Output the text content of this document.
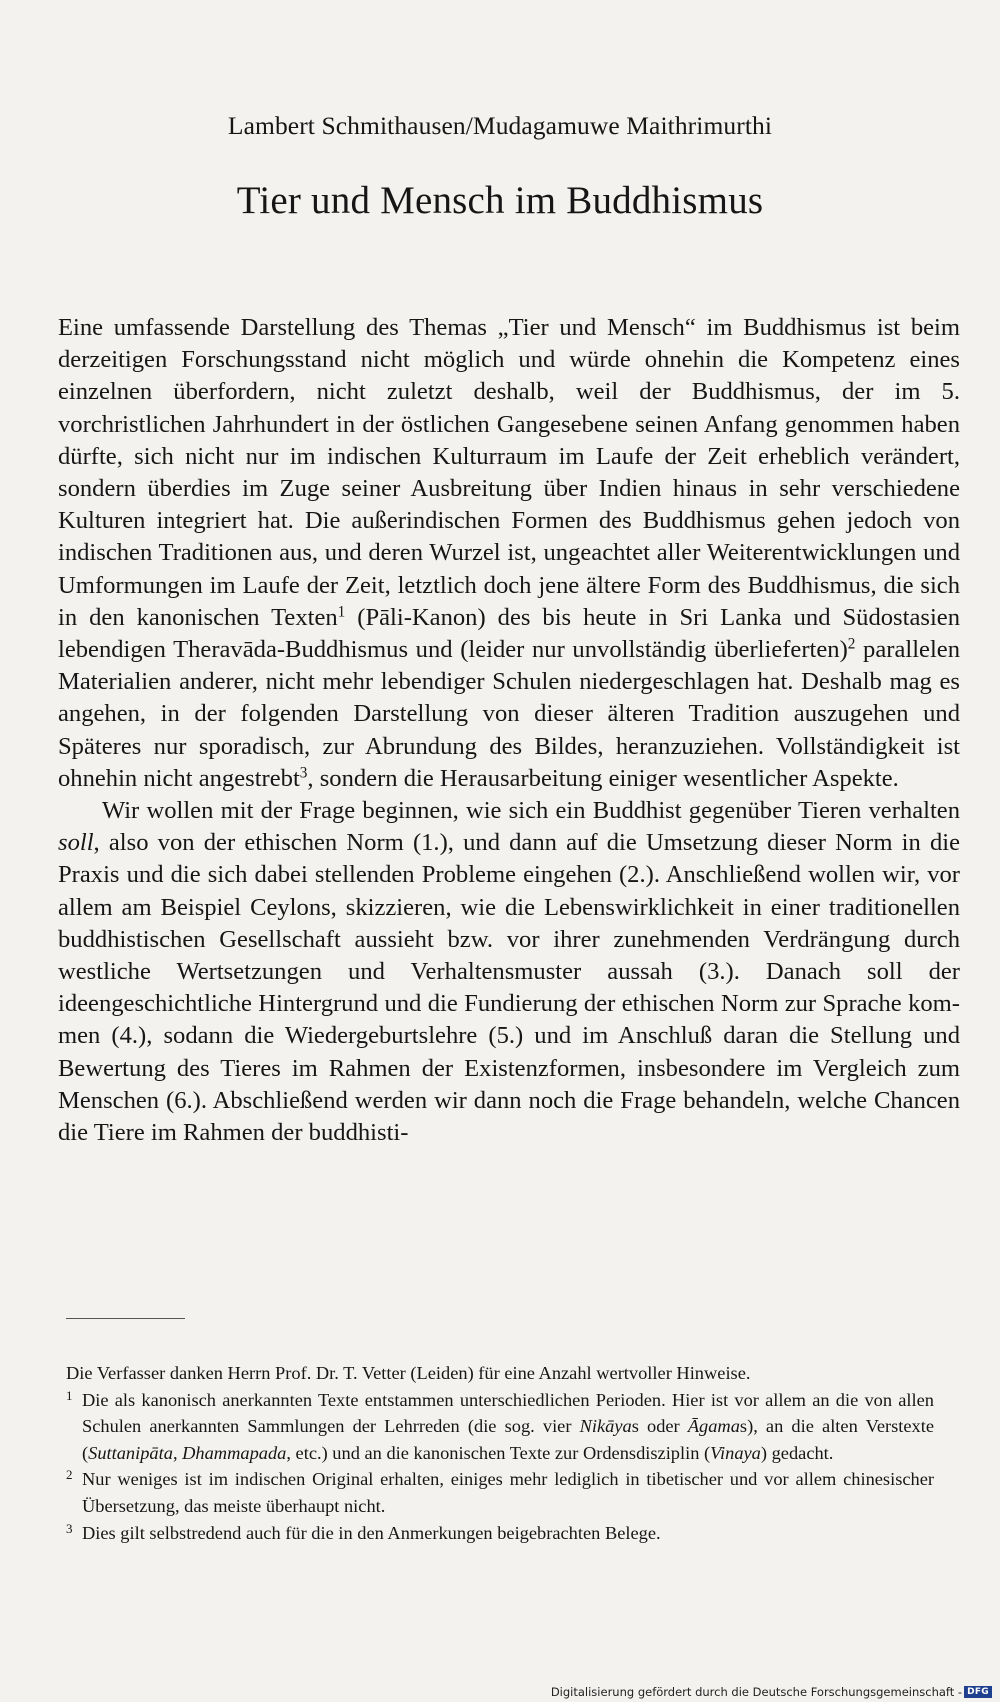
Lambert Schmithausen/Mudagamuwe Maithrimurthi
Tier und Mensch im Buddhismus

Eine umfassende Darstellung des Themas „Tier und Mensch“ im Buddhismus ist beim derzeitigen Forschungsstand nicht möglich und würde ohnehin die Kompetenz eines einzelnen überfordern, nicht zuletzt deshalb, weil der Buddhismus, der im 5. vorchristlichen Jahrhundert in der östlichen Gangesebene seinen Anfang genommen haben dürfte, sich nicht nur im indischen Kulturraum im Laufe der Zeit erheblich verändert, sondern überdies im Zuge seiner Ausbreitung über Indien hinaus in sehr verschiedene Kulturen integriert hat. Die außerindischen Formen des Buddhismus gehen jedoch von indischen Traditionen aus, und deren Wurzel ist, ungeachtet aller Weiterentwicklungen und Umformungen im Laufe der Zeit, letztlich doch jene ältere Form des Buddhismus, die sich in den kanonischen Texten$^1$ (Pāli-Kanon) des bis heute in Sri Lanka und Südostasien lebendigen Theravāda-Buddhismus und (leider nur unvollständig überlieferten)$^2$ parallelen Materialien anderer, nicht mehr lebendiger Schulen niedergeschlagen hat. Deshalb mag es angehen, in der folgenden Darstellung von dieser älteren Tradition auszugehen und Späteres nur sporadisch, zur Abrundung des Bildes, heranzuziehen. Vollständigkeit ist ohnehin nicht angestrebt$^3$, sondern die Herausarbeitung einiger wesentlicher Aspekte.

Wir wollen mit der Frage beginnen, wie sich ein Buddhist gegenüber Tieren verhalten soll, also von der ethischen Norm (1.), und dann auf die Umsetzung dieser Norm in die Praxis und die sich dabei stellenden Probleme eingehen (2.). Anschließend wollen wir, vor allem am Beispiel Ceylons, skizzieren, wie die Lebenswirklichkeit in einer traditionellen buddhistischen Gesellschaft aussieht bzw. vor ihrer zunehmenden Verdrängung durch westliche Wertsetzungen und Verhaltensmuster aussah (3.). Danach soll der ideengeschichtliche Hintergrund und die Fundierung der ethischen Norm zur Sprache kommen (4.), sodann die Wiedergeburtslehre (5.) und im Anschluß daran die Stellung und Bewertung des Tieres im Rahmen der Existenzformen, insbesondere im Vergleich zum Menschen (6.). Abschließend werden wir dann noch die Frage behandeln, welche Chancen die Tiere im Rahmen der buddhisti-

Die Verfasser danken Herrn Prof. Dr. T. Vetter (Leiden) für eine Anzahl wertvoller Hinweise.
1 Die als kanonisch anerkannten Texte entstammen unterschiedlichen Perioden. Hier ist vor allem an die von allen Schulen anerkannten Sammlungen der Lehrreden (die sog. vier Nikāyas oder Āgamas), an die alten Verstexte (Suttanipāta, Dhammapada, etc.) und an die kanonischen Texte zur Ordensdisziplin (Vinaya) gedacht.
2 Nur weniges ist im indischen Original erhalten, einiges mehr lediglich in tibetischer und vor allem chinesischer Übersetzung, das meiste überhaupt nicht.
3 Dies gilt selbstredend auch für die in den Anmerkungen beigebrachten Belege.
Digitalisierung gefördert durch die Deutsche Forschungsgemeinschaft - DFG
